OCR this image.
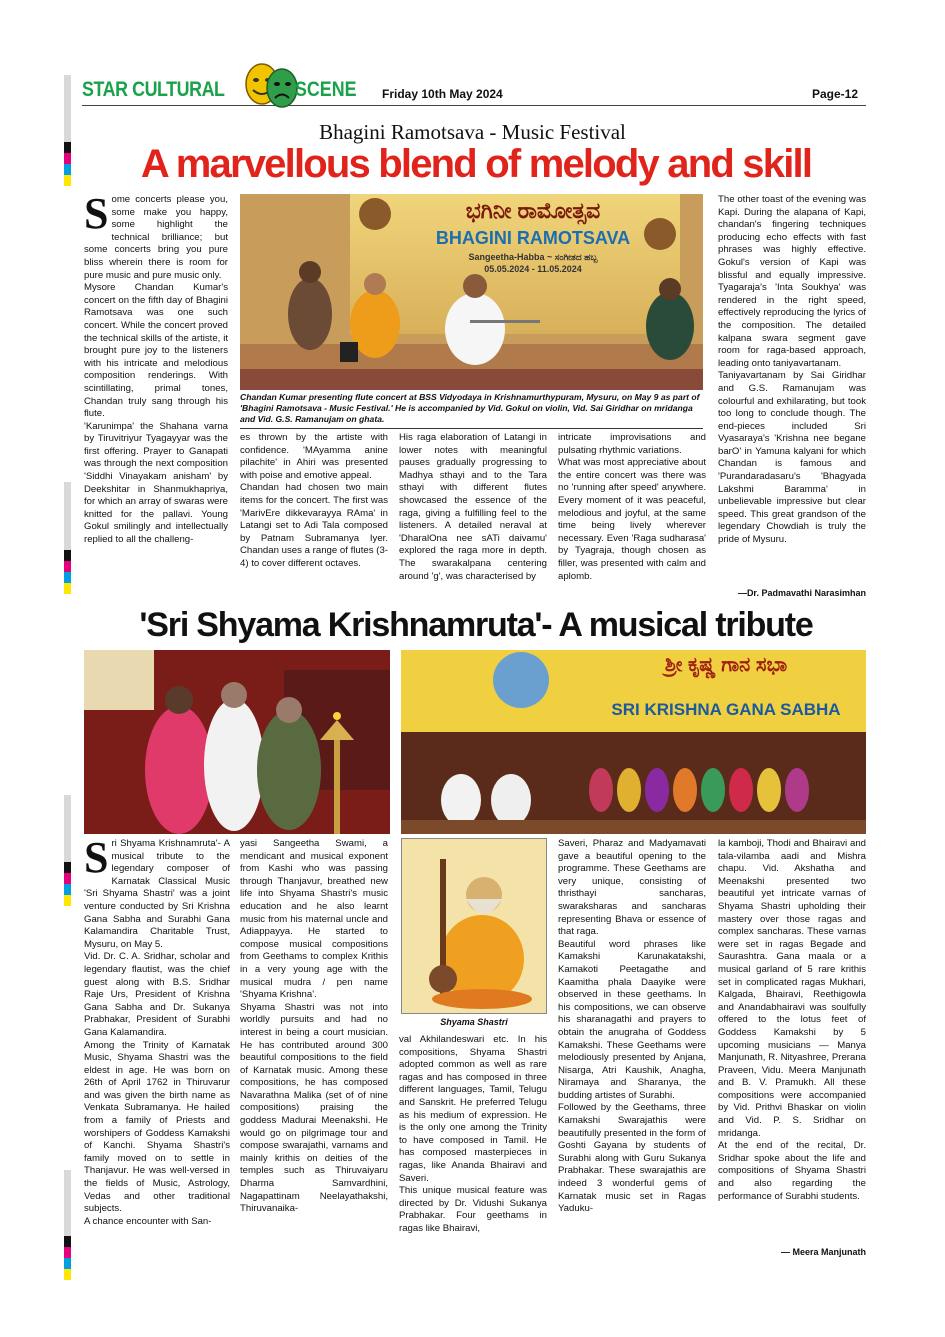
STAR CULTURAL	SCENE Friday 10th May 2024	Page-12
Bhagini Ramotsava - Music Festival
A marvellous blend of melody and skill
S ome concerts please you, some make you happy, some highlight the technical brilliance; but some concerts bring you pure bliss wherein there is room for pure music and pure music only.

Mysore Chandan Kumar's concert on the fifth day of Bhagini Ramotsava was one such concert. While the concert proved the technical skills of the artiste, it brought pure joy to the listeners with his intricate and melodious composition renderings. With scintillating, primal tones, Chandan truly sang through his flute.

'Karunimpa' the Shahana varna by Tiruvitriyur Tyagayyar was the first offering. Prayer to Ganapati was through the next composition 'Siddhi Vinayakam anisham' by Deekshitar in Shanmukhapriya, for which an array of swaras were knitted for the pallavi. Young Gokul smilingly and intellectually replied to all the challeng-

ಭಗಿನೀ ರಾಮೋತ್ಸವ
BHAGINI RAMOTSAVA
Sangeetha-Habba ~ ಸಂಗೀತದ ಹಬ್ಬ
05.05.2024 - 11.05.2024
Chandan Kumar presenting flute concert at BSS Vidyodaya in Krishnamurthypuram, Mysuru, on May 9 as part of 'Bhagini Ramotsava - Music Festival.' He is accompanied by Vid. Gokul on violin, Vid. Sai Giridhar on mridanga and Vid. G.S. Ramanujam on ghata.

es thrown by the artiste with confidence. 'MAyamma anine pilachite' in Ahiri was presented with poise and emotive appeal.

Chandan had chosen two main items for the concert. The first was 'MarivEre dikkevarayya RAma' in Latangi set to Adi Tala composed by Patnam Subramanya Iyer. Chandan uses a range of flutes (3-4) to cover different octaves.

His raga elaboration of Latangi in lower notes with meaningful pauses gradually progressing to Madhya sthayi and to the Tara sthayi with different flutes showcased the essence of the raga, giving a fulfilling feel to the listeners. A detailed neraval at 'DharalOna nee sATi daivamu' explored the raga more in depth. The swarakalpana centering around 'g', was characterised by

intricate improvisations and pulsating rhythmic variations.

What was most appreciative about the entire concert was there was no 'running after speed' anywhere. Every moment of it was peaceful, melodious and joyful, at the same time being lively wherever necessary. Even 'Raga sudharasa' by Tyagraja, though chosen as filler, was presented with calm and aplomb.

The other toast of the evening was Kapi. During the alapana of Kapi, chandan's fingering techniques producing echo effects with fast phrases was highly effective. Gokul's version of Kapi was blissful and equally impressive. Tyagaraja's 'Inta Soukhya' was rendered in the right speed, effectively reproducing the lyrics of the composition. The detailed kalpana swara segment gave room for raga-based approach, leading onto taniyavartanam.

Taniyavartanam by Sai Giridhar and G.S. Ramanujam was colourful and exhilarating, but took too long to conclude though. The end-pieces included Sri Vyasaraya's 'Krishna nee begane barO' in Yamuna kalyani for which Chandan is famous and 'Purandaradasaru's 'Bhagyada Lakshmi Baramma' in unbelievable impressive but clear speed. This great grandson of the legendary Chowdiah is truly the pride of Mysuru.

—Dr. Padmavathi Narasimhan
'Sri Shyama Krishnamruta'- A musical tribute
ಶ್ರೀ ಕೃಷ್ಣ ಗಾನ ಸಭಾ
SRI KRISHNA GANA SABHA
S ri Shyama Krishnamruta'- A musical tribute to the legendary composer of Karnatak Classical Music 'Sri Shyama Shastri' was a joint venture conducted by Sri Krishna Gana Sabha and Surabhi Gana Kalamandira Charitable Trust, Mysuru, on May 5.

Vid. Dr. C. A. Sridhar, scholar and legendary flautist, was the chief guest along with B.S. Sridhar Raje Urs, President of Krishna Gana Sabha and Dr. Sukanya Prabhakar, President of Surabhi Gana Kalamandira.

Among the Trinity of Karnatak Music, Shyama Shastri was the eldest in age. He was born on 26th of April 1762 in Thiruvarur and was given the birth name as Venkata Subramanya. He hailed from a family of Priests and worshipers of Goddess Kamakshi of Kanchi. Shyama Shastri's family moved on to settle in Thanjavur. He was well-versed in the fields of Music, Astrology, Vedas and other traditional subjects.

A chance encounter with San-

yasi Sangeetha Swami, a mendicant and musical exponent from Kashi who was passing through Thanjavur, breathed new life into Shyama Shastri's music education and he also learnt music from his maternal uncle and Adiappayya. He started to compose musical compositions from Geethams to complex Krithis in a very young age with the musical mudra / pen name 'Shyama Krishna'.

Shyama Shastri was not into worldly pursuits and had no interest in being a court musician. He has contributed around 300 beautiful compositions to the field of Karnatak music. Among these compositions, he has composed Navarathna Malika (set of of nine compositions) praising the goddess Madurai Meenakshi. He would go on pilgrimage tour and compose swarajathi, varnams and mainly krithis on deities of the temples such as Thiruvaiyaru Dharma Samvardhini, Nagapattinam Neelayathakshi, Thiruvanaika-

Shyama Shastri

val Akhilandeswari etc. In his compositions, Shyama Shastri adopted common as well as rare ragas and has composed in three different languages, Tamil, Telugu and Sanskrit. He preferred Telugu as his medium of expression. He is the only one among the Trinity to have composed in Tamil. He has composed masterpieces in ragas, like Ananda Bhairavi and Saveri.

This unique musical feature was directed by Dr. Vidushi Sukanya Prabhakar. Four geethams in ragas like Bhairavi,

Saveri, Pharaz and Madyamavati gave a beautiful opening to the programme. These Geethams are very unique, consisting of thristhayi sancharas, swaraksharas and sancharas representing Bhava or essence of that raga.

Beautiful word phrases like Kamakshi Karunakatakshi, Kamakoti Peetagathe and Kaamitha phala Daayike were observed in these geethams. In his compositions, we can observe his sharanagathi and prayers to obtain the anugraha of Goddess Kamakshi. These Geethams were melodiously presented by Anjana, Nisarga, Atri Kaushik, Anagha, Niramaya and Sharanya, the budding artistes of Surabhi.

Followed by the Geethams, three Kamakshi Swarajathis were beautifully presented in the form of Goshti Gayana by students of Surabhi along with Guru Sukanya Prabhakar. These swarajathis are indeed 3 wonderful gems of Karnatak music set in Ragas Yaduku-

la kamboji, Thodi and Bhairavi and tala-vilamba aadi and Mishra chapu. Vid. Akshatha and Meenakshi presented two beautiful yet intricate varnas of Shyama Shastri upholding their mastery over those ragas and complex sancharas. These varnas were set in ragas Begade and Saurashtra. Gana maala or a musical garland of 5 rare krithis set in complicated ragas Mukhari, Kalgada, Bhairavi, Reethigowla and Anandabhairavi was soulfully offered to the lotus feet of Goddess Kamakshi by 5 upcoming musicians — Manya Manjunath, R. Nityashree, Prerana Praveen, Vidu. Meera Manjunath and B. V. Pramukh. All these compositions were accompanied by Vid. Prithvi Bhaskar on violin and Vid. P. S. Sridhar on mridanga.

At the end of the recital, Dr. Sridhar spoke about the life and compositions of Shyama Shastri and also regarding the performance of Surabhi students.

— Meera Manjunath
